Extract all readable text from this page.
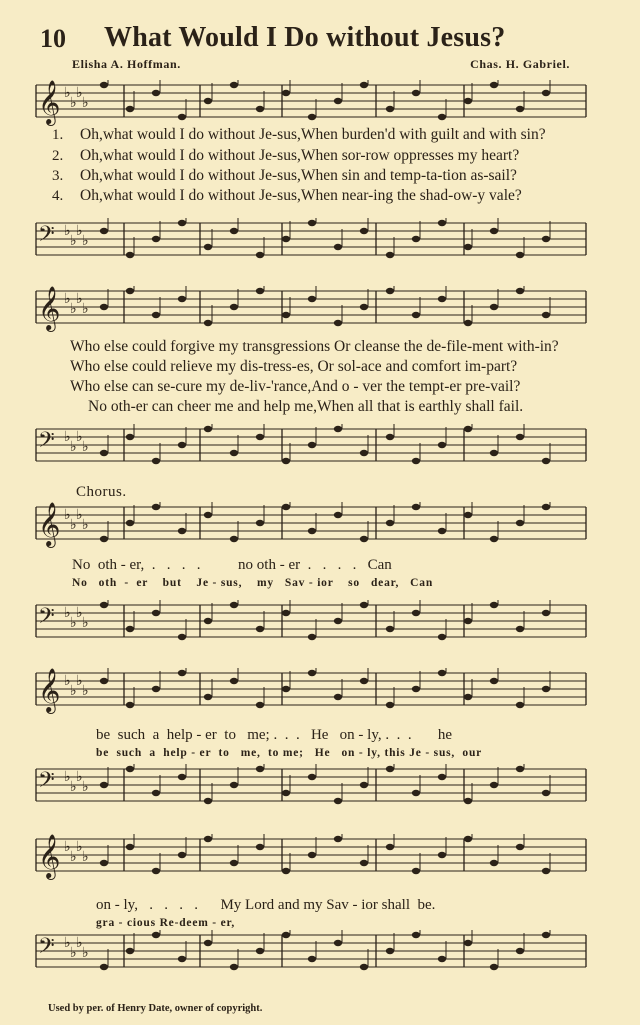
10 What Would I Do without Jesus?
Elisha A. Hoffman.	Chas. H. Gabriel.
𝄞 ♭
♭
♭
♭
1. Oh,what would I do without Je-sus,When burden'd with guilt and with sin?
2. Oh,what would I do without Je-sus,When sor-row oppresses my heart?
3. Oh,what would I do without Je-sus,When sin and temp-ta-tion as-sail?
4. Oh,what would I do without Je-sus,When near-ing the shad-ow-y vale?
𝄢 ♭
♭
♭
♭
𝄞 ♭
♭
♭
♭
Who else could forgive my transgressions Or cleanse the de-file-ment with-in?
Who else could relieve my dis-tress-es, Or sol-ace and comfort im-part?
Who else can se-cure my de-liv-'rance,And o - ver the tempt-er pre-vail?
No oth-er can cheer me and help me,When all that is earthly shall fail.
𝄢 ♭
♭
♭
♭
Chorus.
𝄞 ♭
♭
♭
♭
No  oth - er,  .   .   .   .          no oth - er  .   .   .   .   Can
No   oth  -  er    but    Je - sus,    my   Sav - ior    so   dear,   Can
𝄢 ♭
♭
♭
♭
𝄞 ♭
♭
♭
♭
be  such  a  help - er  to   me; .  .  .   He   on - ly, .  .  .       he
be  such  a  help - er  to   me,  to me;   He   on - ly, this Je - sus,  our
𝄢 ♭
♭
♭
♭
𝄞 ♭
♭
♭
♭
on - ly,   .   .   .   .      My Lord and my Sav - ior shall  be.
gra - cious Re-deem - er,
𝄢 ♭
♭
♭
♭
Used by per. of Henry Date, owner of copyright.
